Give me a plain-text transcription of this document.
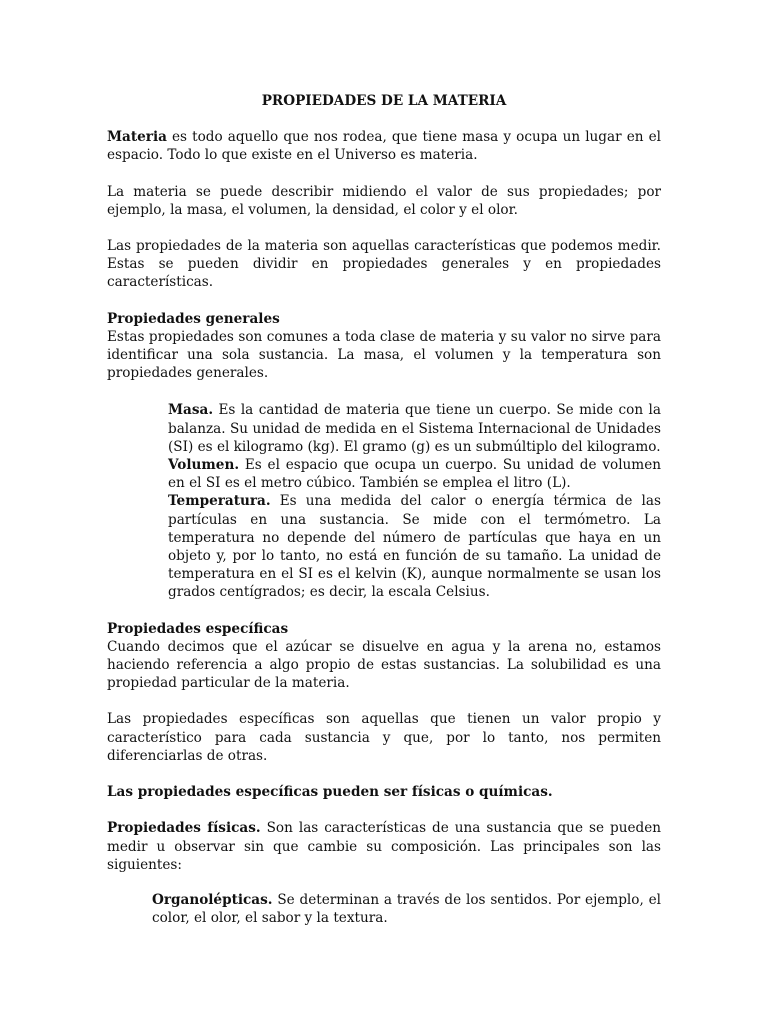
PROPIEDADES DE LA MATERIA

Materia es todo aquello que nos rodea, que tiene masa y ocupa un lugar en el espacio. Todo lo que existe en el Universo es materia.

La materia se puede describir midiendo el valor de sus propiedades; por ejemplo, la masa, el volumen, la densidad, el color y el olor.

Las propiedades de la materia son aquellas características que podemos medir. Estas se pueden dividir en propiedades generales y en propiedades características.

Propiedades generales

Estas propiedades son comunes a toda clase de materia y su valor no sirve para identificar una sola sustancia. La masa, el volumen y la temperatura son propiedades generales.

Masa. Es la cantidad de materia que tiene un cuerpo. Se mide con la balanza. Su unidad de medida en el Sistema Internacional de Unidades (SI) es el kilogramo (kg). El gramo (g) es un submúltiplo del kilogramo.

Volumen. Es el espacio que ocupa un cuerpo. Su unidad de volumen en el SI es el metro cúbico. También se emplea el litro (L).

Temperatura. Es una medida del calor o energía térmica de las partículas en una sustancia. Se mide con el termómetro. La temperatura no depende del número de partículas que haya en un objeto y, por lo tanto, no está en función de su tamaño. La unidad de temperatura en el SI es el kelvin (K), aunque normalmente se usan los grados centígrados; es decir, la escala Celsius.

Propiedades específicas

Cuando decimos que el azúcar se disuelve en agua y la arena no, estamos haciendo referencia a algo propio de estas sustancias. La solubilidad es una propiedad particular de la materia.

Las propiedades específicas son aquellas que tienen un valor propio y característico para cada sustancia y que, por lo tanto, nos permiten diferenciarlas de otras.

Las propiedades específicas pueden ser físicas o químicas.

Propiedades físicas. Son las características de una sustancia que se pueden medir u observar sin que cambie su composición. Las principales son las siguientes:

Organolépticas. Se determinan a través de los sentidos. Por ejemplo, el color, el olor, el sabor y la textura.
